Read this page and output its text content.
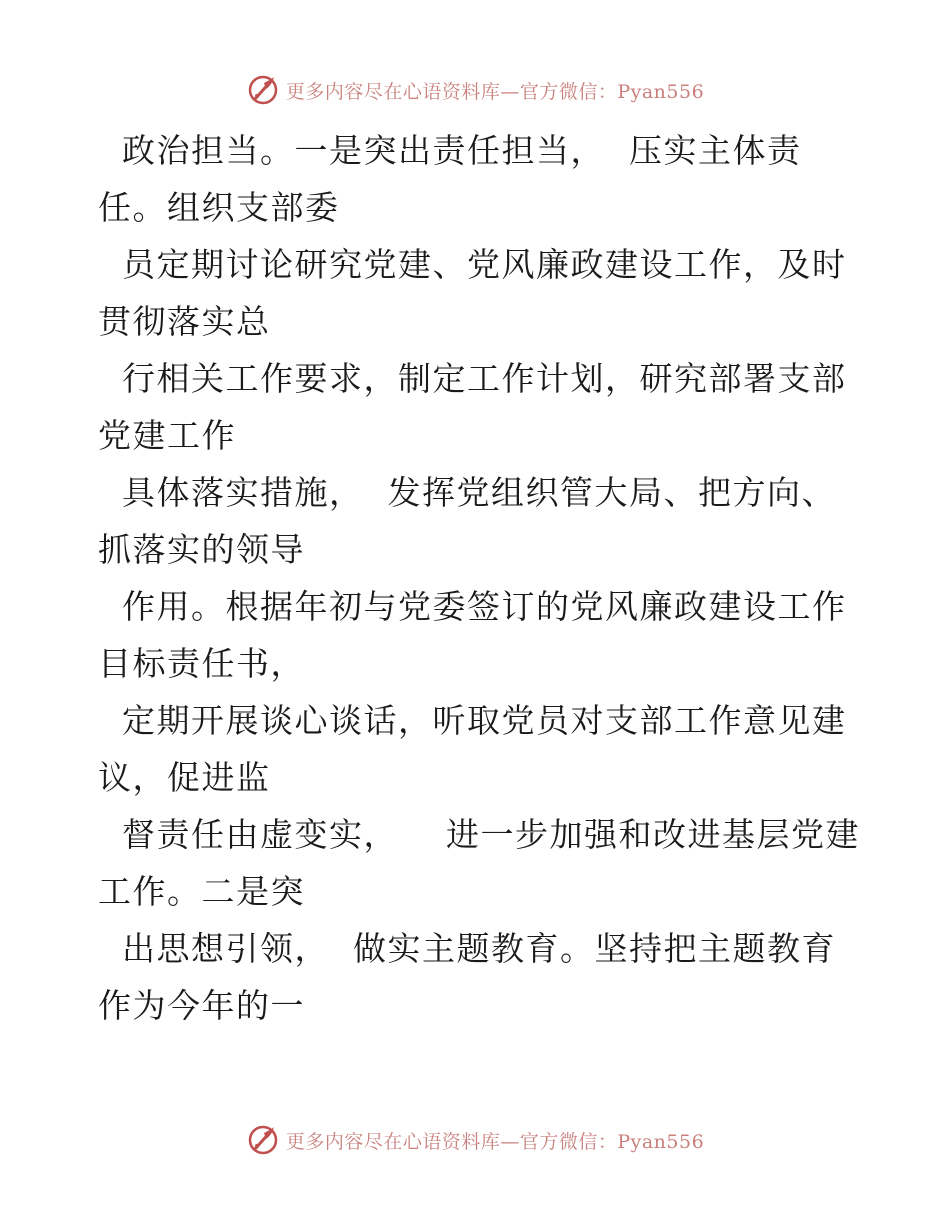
更多内容尽在心语资料库—官方微信：Pyan556
政治担当。一是突出责任担当，  压实主体责
任。组织支部委
员定期讨论研究党建、党风廉政建设工作，及时
贯彻落实总
行相关工作要求，制定工作计划，研究部署支部
党建工作
具体落实措施，  发挥党组织管大局、把方向、
抓落实的领导
作用。根据年初与党委签订的党风廉政建设工作
目标责任书，
定期开展谈心谈话，听取党员对支部工作意见建
议，促进监
督责任由虚变实，    进一步加强和改进基层党建
工作。二是突
出思想引领，  做实主题教育。坚持把主题教育
作为今年的一
更多内容尽在心语资料库—官方微信：Pyan556
